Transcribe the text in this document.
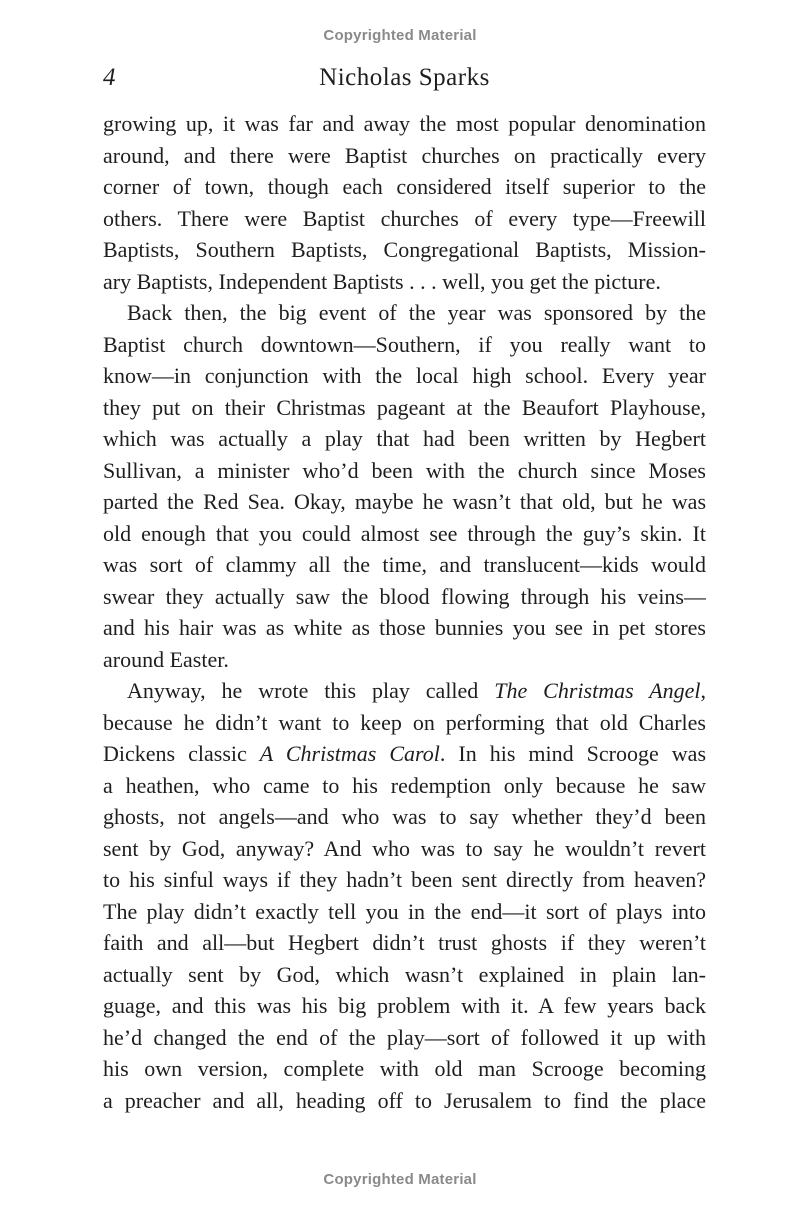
Copyrighted Material
4	Nicholas Sparks
growing up, it was far and away the most popular denomination
around, and there were Baptist churches on practically every
corner of town, though each considered itself superior to the
others. There were Baptist churches of every type—Freewill
Baptists, Southern Baptists, Congregational Baptists, Mission-
ary Baptists, Independent Baptists . . . well, you get the picture.
Back then, the big event of the year was sponsored by the
Baptist church downtown—Southern, if you really want to
know—in conjunction with the local high school. Every year
they put on their Christmas pageant at the Beaufort Playhouse,
which was actually a play that had been written by Hegbert
Sullivan, a minister who’d been with the church since Moses
parted the Red Sea. Okay, maybe he wasn’t that old, but he was
old enough that you could almost see through the guy’s skin. It
was sort of clammy all the time, and translucent—kids would
swear they actually saw the blood flowing through his veins—
and his hair was as white as those bunnies you see in pet stores
around Easter.
Anyway, he wrote this play called The Christmas Angel,
because he didn’t want to keep on performing that old Charles
Dickens classic A Christmas Carol. In his mind Scrooge was
a heathen, who came to his redemption only because he saw
ghosts, not angels—and who was to say whether they’d been
sent by God, anyway? And who was to say he wouldn’t revert
to his sinful ways if they hadn’t been sent directly from heaven?
The play didn’t exactly tell you in the end—it sort of plays into
faith and all—but Hegbert didn’t trust ghosts if they weren’t
actually sent by God, which wasn’t explained in plain lan-
guage, and this was his big problem with it. A few years back
he’d changed the end of the play—sort of followed it up with
his own version, complete with old man Scrooge becoming
a preacher and all, heading off to Jerusalem to find the place
Copyrighted Material
